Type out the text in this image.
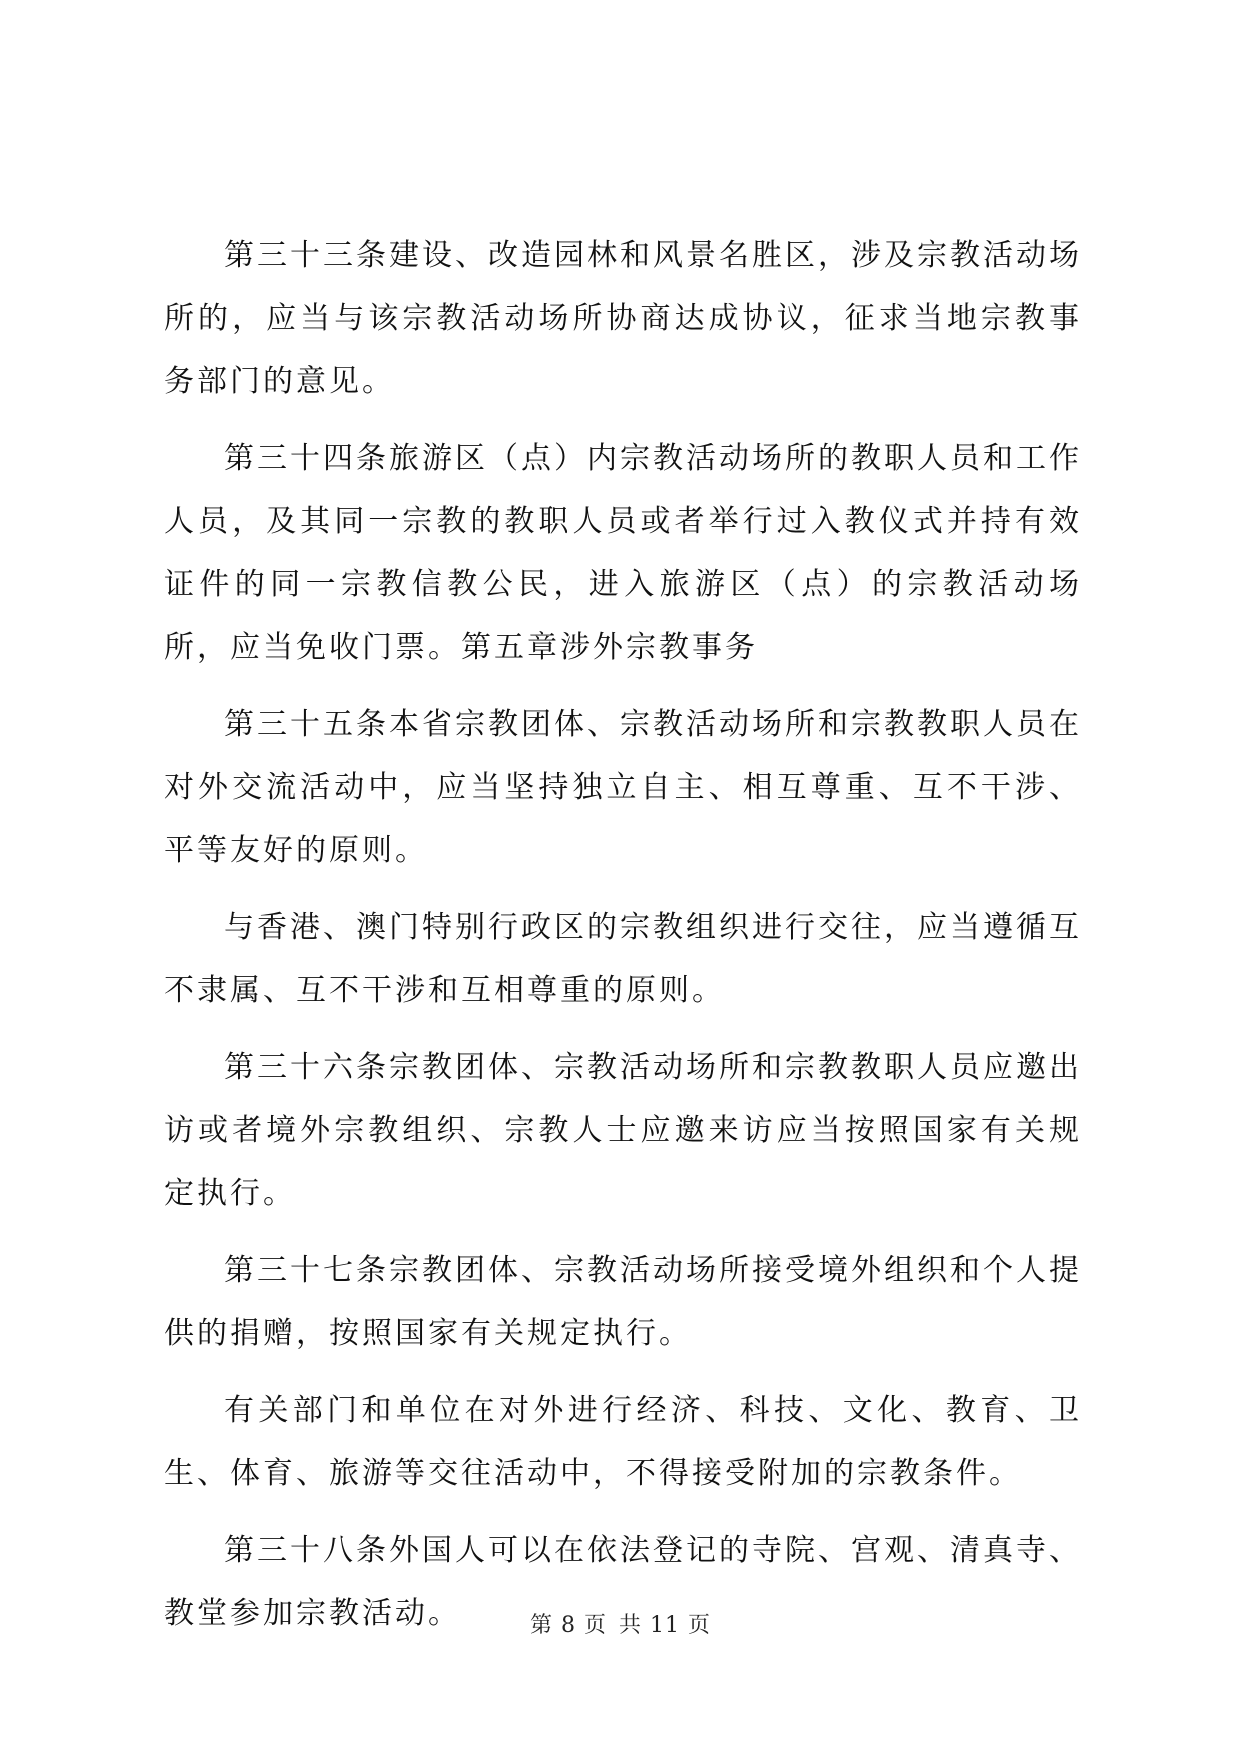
第三十三条建设、改造园林和风景名胜区，涉及宗教活动场所的，应当与该宗教活动场所协商达成协议，征求当地宗教事务部门的意见。

第三十四条旅游区（点）内宗教活动场所的教职人员和工作人员，及其同一宗教的教职人员或者举行过入教仪式并持有效证件的同一宗教信教公民，进入旅游区（点）的宗教活动场所，应当免收门票。第五章涉外宗教事务

第三十五条本省宗教团体、宗教活动场所和宗教教职人员在对外交流活动中，应当坚持独立自主、相互尊重、互不干涉、平等友好的原则。

与香港、澳门特别行政区的宗教组织进行交往，应当遵循互不隶属、互不干涉和互相尊重的原则。

第三十六条宗教团体、宗教活动场所和宗教教职人员应邀出访或者境外宗教组织、宗教人士应邀来访应当按照国家有关规定执行。

第三十七条宗教团体、宗教活动场所接受境外组织和个人提供的捐赠，按照国家有关规定执行。

有关部门和单位在对外进行经济、科技、文化、教育、卫生、体育、旅游等交往活动中，不得接受附加的宗教条件。

第三十八条外国人可以在依法登记的寺院、宫观、清真寺、教堂参加宗教活动。	第 8 页 共 11 页
